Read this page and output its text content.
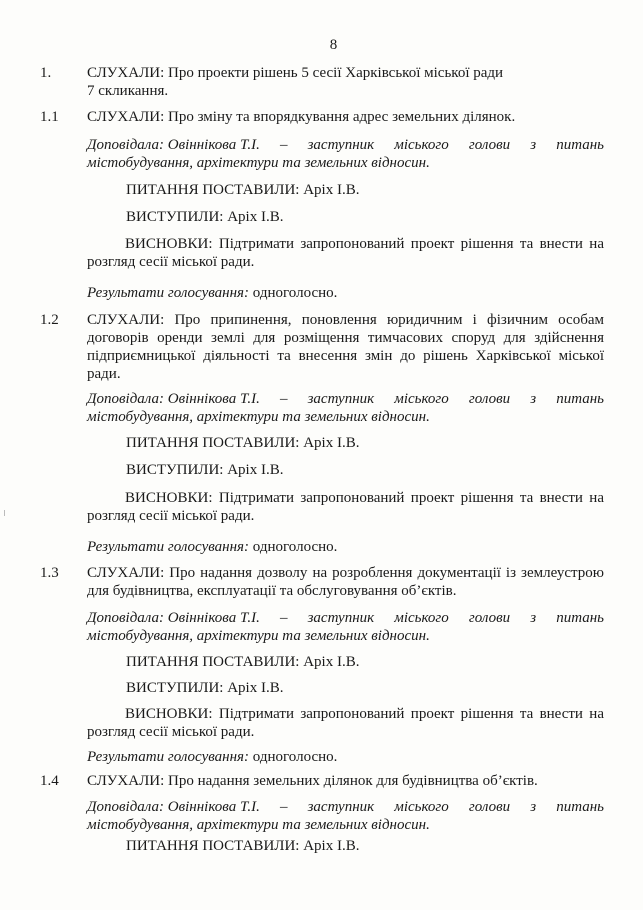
8
1. СЛУХАЛИ: Про проекти рішень 5 сесії Харківської міської ради
7 скликання.
1.1 СЛУХАЛИ: Про зміну та впорядкування адрес земельних ділянок.
Доповідала: Овіннікова Т.І. – заступник міського голови з питань
містобудування, архітектури та земельних відносин.
ПИТАННЯ ПОСТАВИЛИ: Аріх І.В.
ВИСТУПИЛИ: Аріх І.В.
ВИСНОВКИ: Підтримати запропонований проект рішення та внести на розгляд сесії міської ради.
Результати голосування: одноголосно.
1.2 СЛУХАЛИ: Про припинення, поновлення юридичним і фізичним особам договорів оренди землі для розміщення тимчасових споруд для здійснення підприємницької діяльності та внесення змін до рішень Харківської міської ради.
Доповідала: Овіннікова Т.І. – заступник міського голови з питань
містобудування, архітектури та земельних відносин.
ПИТАННЯ ПОСТАВИЛИ: Аріх І.В.
ВИСТУПИЛИ: Аріх І.В.
ВИСНОВКИ: Підтримати запропонований проект рішення та внести на розгляд сесії міської ради.
Результати голосування: одноголосно.
1.3 СЛУХАЛИ: Про надання дозволу на розроблення документації із землеустрою для будівництва, експлуатації та обслуговування об’єктів.
Доповідала: Овіннікова Т.І. – заступник міського голови з питань
містобудування, архітектури та земельних відносин.
ПИТАННЯ ПОСТАВИЛИ: Аріх І.В.
ВИСТУПИЛИ: Аріх І.В.
ВИСНОВКИ: Підтримати запропонований проект рішення та внести на розгляд сесії міської ради.
Результати голосування: одноголосно.
1.4 СЛУХАЛИ: Про надання земельних ділянок для будівництва об’єктів.
Доповідала: Овіннікова Т.І. – заступник міського голови з питань
містобудування, архітектури та земельних відносин.
ПИТАННЯ ПОСТАВИЛИ: Аріх І.В.
